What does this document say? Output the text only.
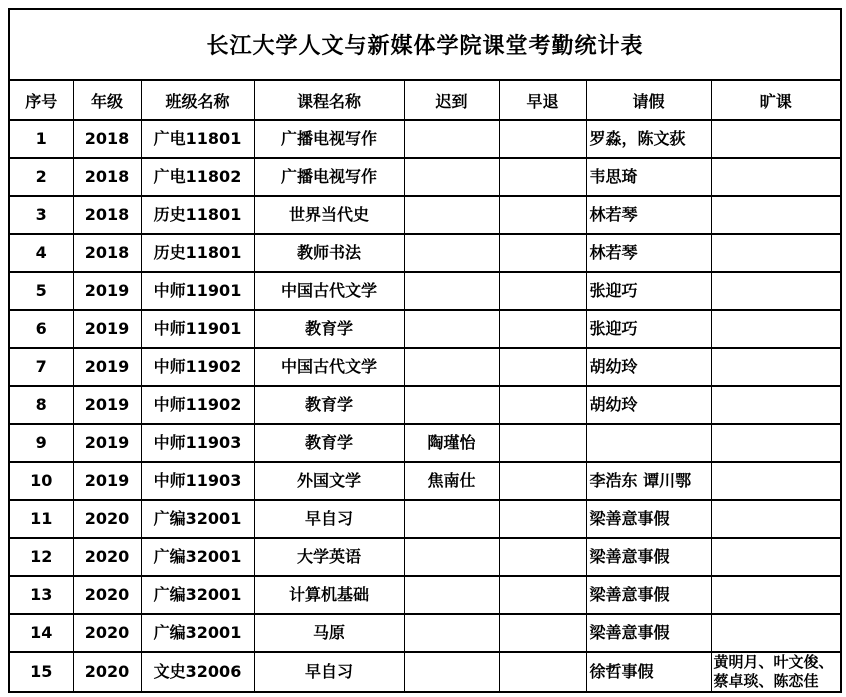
长江大学人文与新媒体学院课堂考勤统计表							
序号	年级	班级名称	课程名称	迟到	早退	请假	旷课
1	2018	广电11801	广播电视写作			罗淼，陈文荻	
2	2018	广电11802	广播电视写作			韦思琦	
3	2018	历史11801	世界当代史			林若琴	
4	2018	历史11801	教师书法			林若琴	
5	2019	中师11901	中国古代文学			张迎巧	
6	2019	中师11901	教育学			张迎巧	
7	2019	中师11902	中国古代文学			胡幼玲	
8	2019	中师11902	教育学			胡幼玲	
9	2019	中师11903	教育学	陶瑾怡			
10	2019	中师11903	外国文学	焦南仕		李浩东 谭川鄂	
11	2020	广编32001	早自习			梁善意事假	
12	2020	广编32001	大学英语			梁善意事假	
13	2020	广编32001	计算机基础			梁善意事假	
14	2020	广编32001	马原			梁善意事假	
15	2020	文史32006	早自习			徐哲事假	黄明月、叶文俊、蔡卓琰、陈恋佳
